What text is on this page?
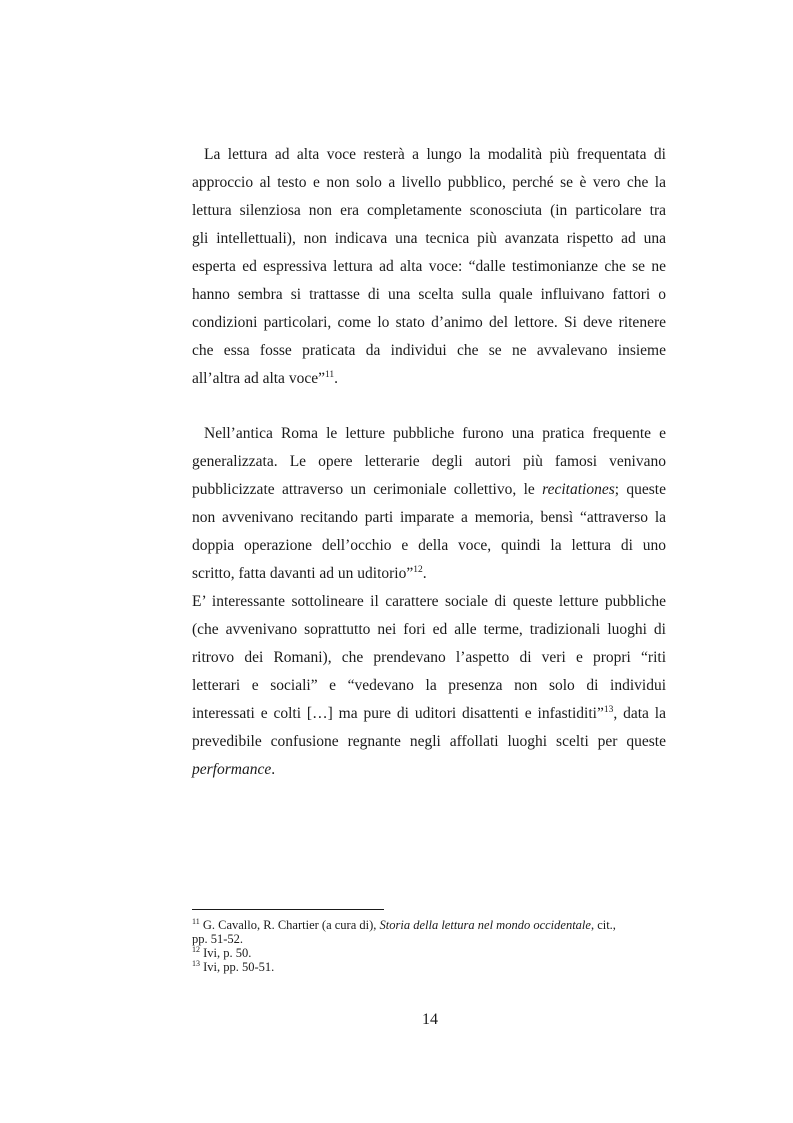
La lettura ad alta voce resterà a lungo la modalità più frequentata di
approccio al testo e non solo a livello pubblico, perché se è vero che la
lettura silenziosa non era completamente sconosciuta (in particolare tra
gli intellettuali), non indicava una tecnica più avanzata rispetto ad una
esperta ed espressiva lettura ad alta voce: “dalle testimonianze che se ne
hanno sembra si trattasse di una scelta sulla quale influivano fattori o
condizioni particolari, come lo stato d’animo del lettore. Si deve ritenere
che essa fosse praticata da individui che se ne avvalevano insieme
all’altra ad alta voce”$^{11}$.
Nell’antica Roma le letture pubbliche furono una pratica frequente e
generalizzata. Le opere letterarie degli autori più famosi venivano
pubblicizzate attraverso un cerimoniale collettivo, le recitationes; queste
non avvenivano recitando parti imparate a memoria, bensì “attraverso la
doppia operazione dell’occhio e della voce, quindi la lettura di uno
scritto, fatta davanti ad un uditorio”$^{12}$.
E’ interessante sottolineare il carattere sociale di queste letture pubbliche
(che avvenivano soprattutto nei fori ed alle terme, tradizionali luoghi di
ritrovo dei Romani), che prendevano l’aspetto di veri e propri “riti
letterari e sociali” e “vedevano la presenza non solo di individui
interessati e colti […] ma pure di uditori disattenti e infastiditi”$^{13}$, data la
prevedibile confusione regnante negli affollati luoghi scelti per queste
performance.
$^{11}$ G. Cavallo, R. Chartier (a cura di), Storia della lettura nel mondo occidentale, cit.,
pp. 51-52.
$^{12}$ Ivi, p. 50.
$^{13}$ Ivi, pp. 50-51.
14
